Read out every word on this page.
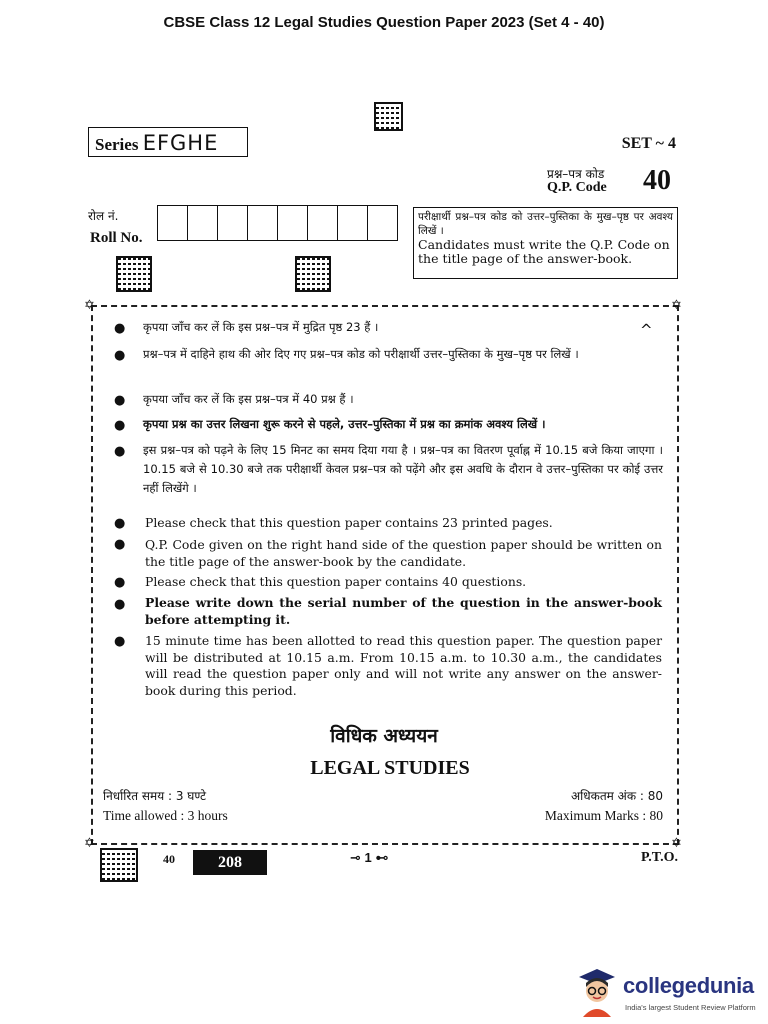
CBSE Class 12 Legal Studies Question Paper 2023 (Set 4 - 40)
Series EFGHE	SET ~ 4
प्रश्न–पत्र कोड
Q.P. Code 40
रोल नं.
Roll No.
परीक्षार्थी प्रश्न–पत्र कोड को उत्तर–पुस्तिका के मुख–पृष्ठ पर अवश्य लिखें ।
Candidates must write the Q.P. Code on the title page of the answer-book.
✡	✡
✡	✡
^
● कृपया जाँच कर लें कि इस प्रश्न–पत्र में मुद्रित पृष्ठ 23 हैं ।
● प्रश्न–पत्र में दाहिने हाथ की ओर दिए गए प्रश्न–पत्र कोड को परीक्षार्थी उत्तर–पुस्तिका के मुख–पृष्ठ पर लिखें ।
● कृपया जाँच कर लें कि इस प्रश्न–पत्र में 40 प्रश्न हैं ।
● कृपया प्रश्न का उत्तर लिखना शुरू करने से पहले, उत्तर–पुस्तिका में प्रश्न का क्रमांक अवश्य लिखें ।
● इस प्रश्न–पत्र को पढ़ने के लिए 15 मिनट का समय दिया गया है । प्रश्न–पत्र का वितरण पूर्वाह्न में 10.15 बजे किया जाएगा । 10.15 बजे से 10.30 बजे तक परीक्षार्थी केवल प्रश्न–पत्र को पढ़ेंगे और इस अवधि के दौरान वे उत्तर–पुस्तिका पर कोई उत्तर नहीं लिखेंगे ।
● Please check that this question paper contains 23 printed pages.
● Q.P. Code given on the right hand side of the question paper should be written on the title page of the answer-book by the candidate.
● Please check that this question paper contains 40 questions.
● Please write down the serial number of the question in the answer-book before attempting it.
● 15 minute time has been allotted to read this question paper. The question paper will be distributed at 10.15 a.m. From 10.15 a.m. to 10.30 a.m., the candidates will read the question paper only and will not write any answer on the answer-book during this period.
विधिक अध्ययन
LEGAL STUDIES
निर्धारित समय : 3 घण्टे
Time allowed : 3 hours
अधिकतम अंक : 80
Maximum Marks : 80
40	208	⊸ 1 ⊷	P.T.O.
collegedunia
India's largest Student Review Platform
